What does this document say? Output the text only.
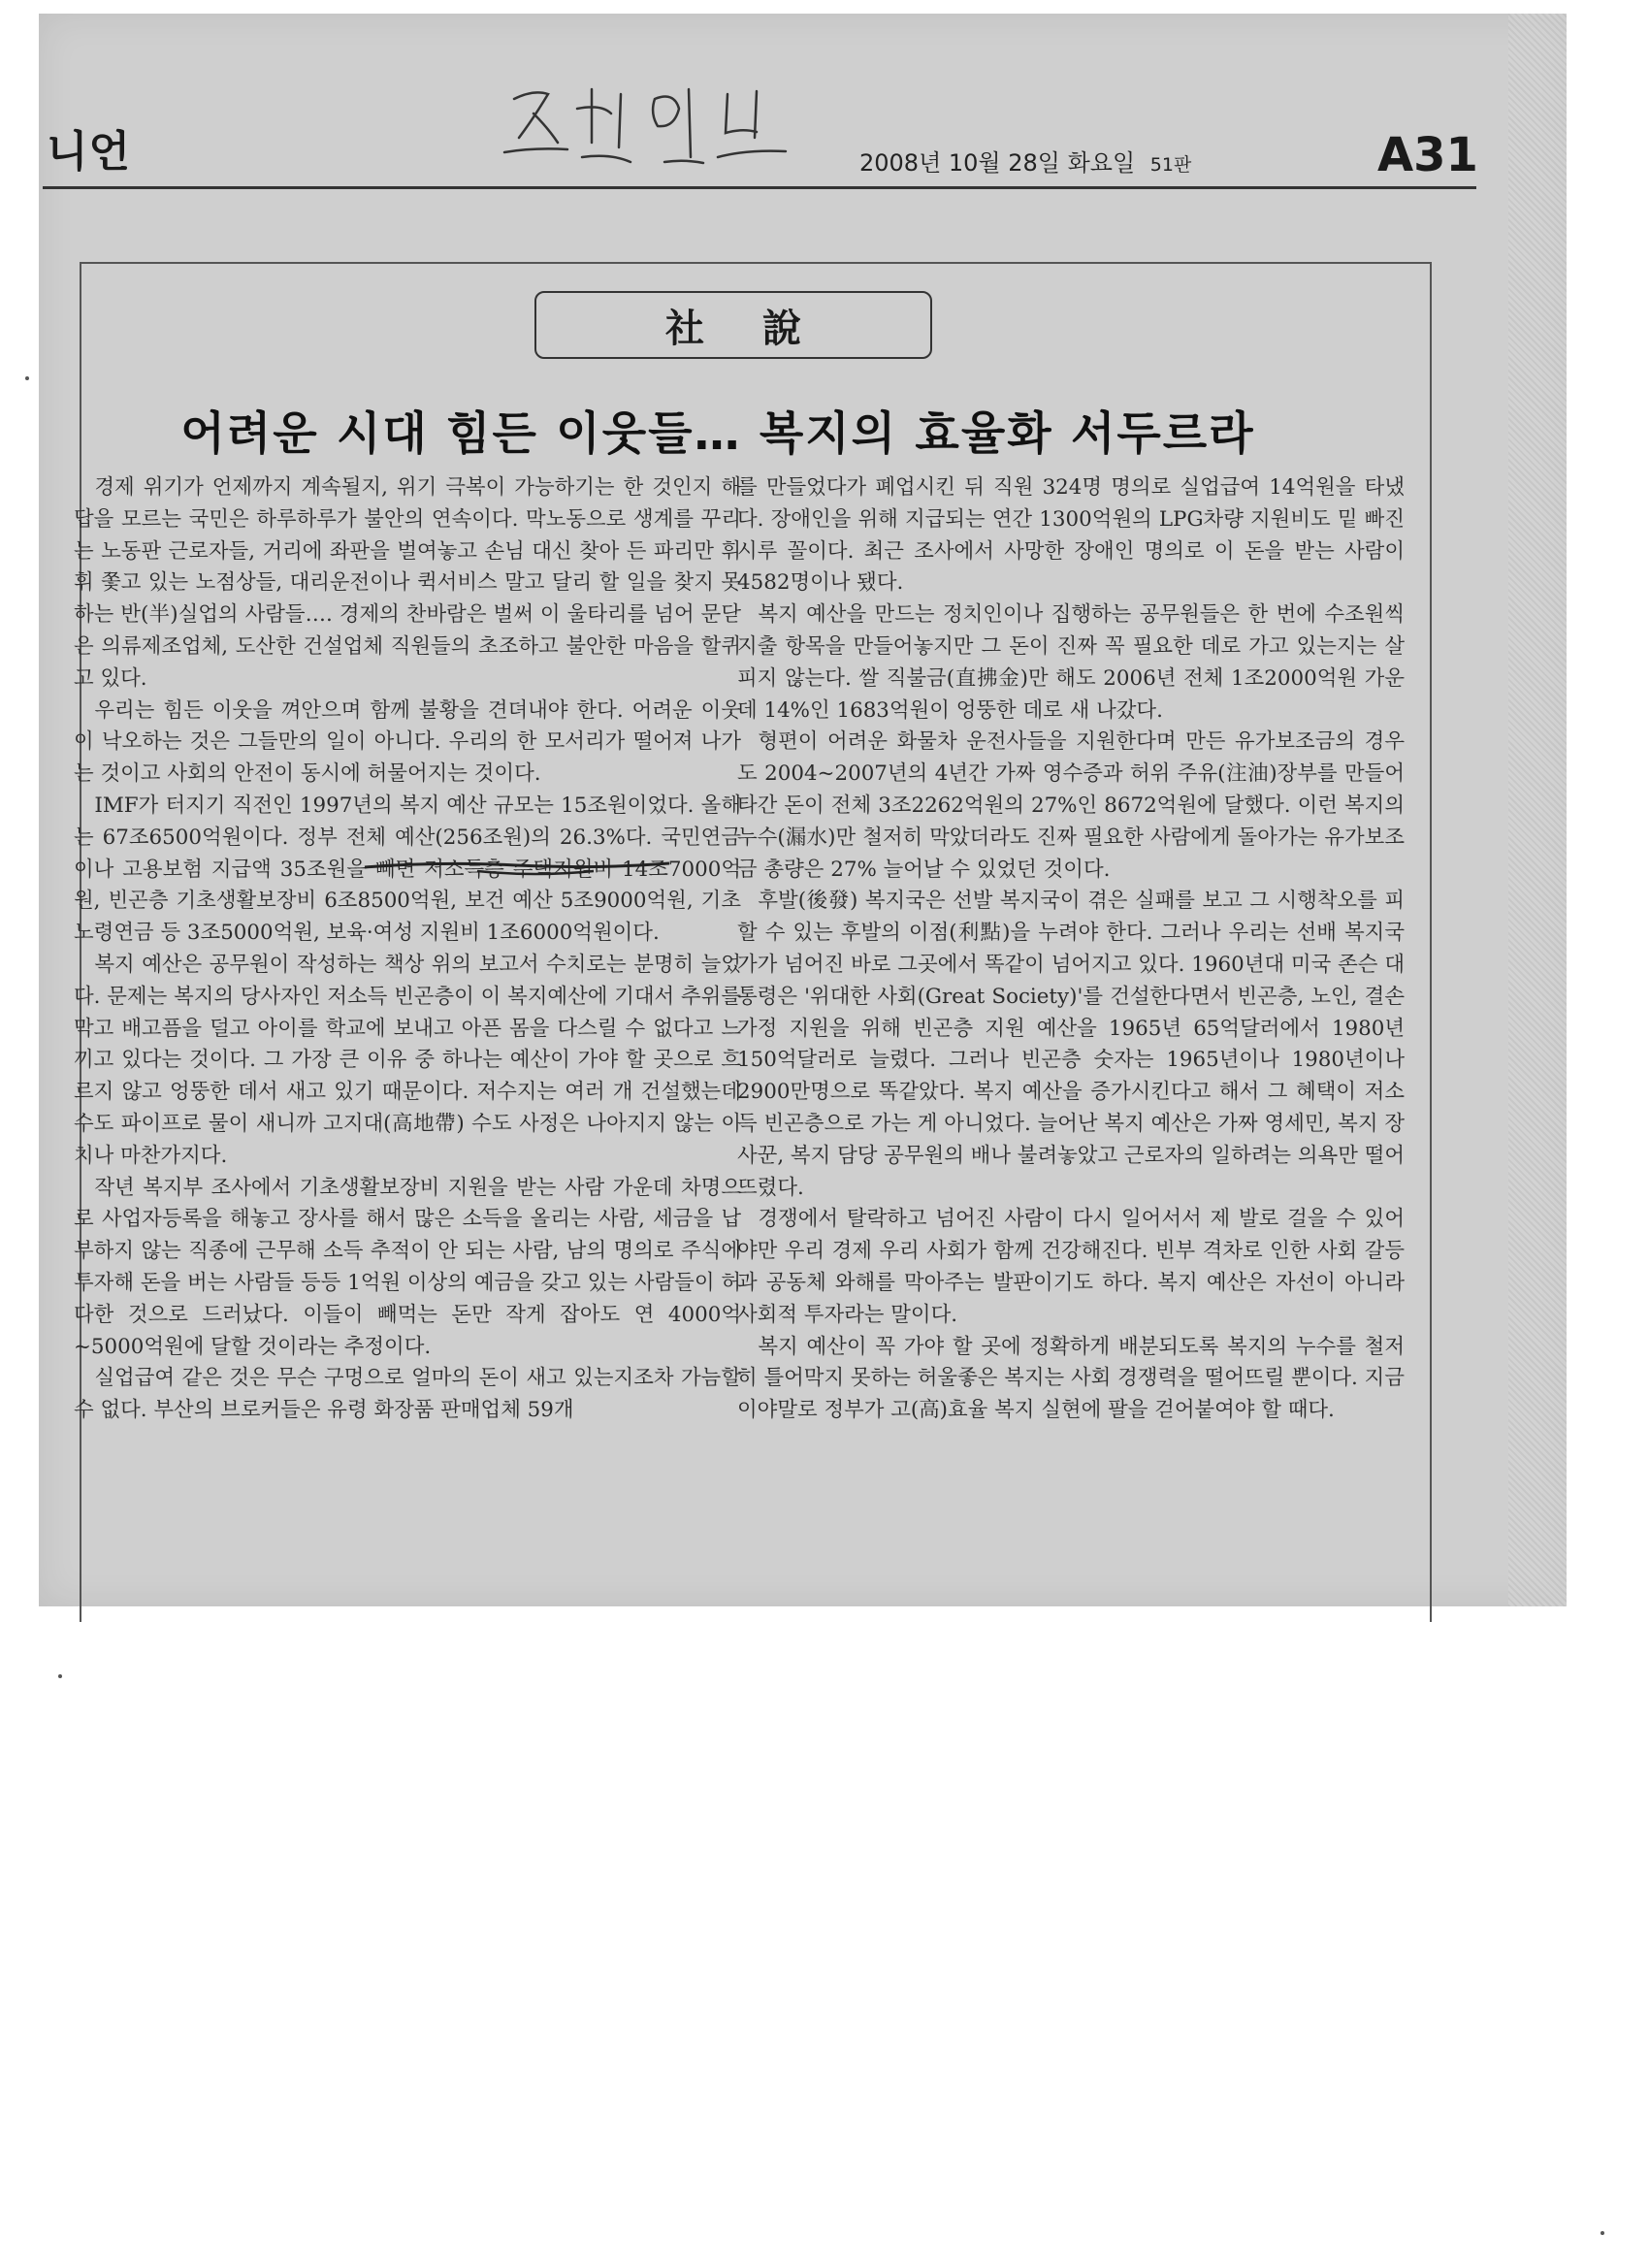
니언	2008년 10월 28일 화요일 51판	A31
社說
어려운 시대 힘든 이웃들… 복지의 효율화 서두르라

경제 위기가 언제까지 계속될지, 위기 극복이 가능하기는 한 것인지 해답을 모르는 국민은 하루하루가 불안의 연속이다. 막노동으로 생계를 꾸리는 노동판 근로자들, 거리에 좌판을 벌여놓고 손님 대신 찾아 든 파리만 휘휘 쫓고 있는 노점상들, 대리운전이나 퀵서비스 말고 달리 할 일을 찾지 못하는 반(半)실업의 사람들…. 경제의 찬바람은 벌써 이 울타리를 넘어 문닫은 의류제조업체, 도산한 건설업체 직원들의 초조하고 불안한 마음을 할퀴고 있다.

우리는 힘든 이웃을 껴안으며 함께 불황을 견뎌내야 한다. 어려운 이웃이 낙오하는 것은 그들만의 일이 아니다. 우리의 한 모서리가 떨어져 나가는 것이고 사회의 안전이 동시에 허물어지는 것이다.

IMF가 터지기 직전인 1997년의 복지 예산 규모는 15조원이었다. 올해는 67조6500억원이다. 정부 전체 예산(256조원)의 26.3%다. 국민연금이나 고용보험 지급액 35조원을 빼면 저소득층 주택지원비 14조7000억원, 빈곤층 기초생활보장비 6조8500억원, 보건 예산 5조9000억원, 기초노령연금 등 3조5000억원, 보육·여성 지원비 1조6000억원이다.

복지 예산은 공무원이 작성하는 책상 위의 보고서 수치로는 분명히 늘었다. 문제는 복지의 당사자인 저소득 빈곤층이 이 복지예산에 기대서 추위를 막고 배고픔을 덜고 아이를 학교에 보내고 아픈 몸을 다스릴 수 없다고 느끼고 있다는 것이다. 그 가장 큰 이유 중 하나는 예산이 가야 할 곳으로 흐르지 않고 엉뚱한 데서 새고 있기 때문이다. 저수지는 여러 개 건설했는데 수도 파이프로 물이 새니까 고지대(高地帶) 수도 사정은 나아지지 않는 이치나 마찬가지다.

작년 복지부 조사에서 기초생활보장비 지원을 받는 사람 가운데 차명으로 사업자등록을 해놓고 장사를 해서 많은 소득을 올리는 사람, 세금을 납부하지 않는 직종에 근무해 소득 추적이 안 되는 사람, 남의 명의로 주식에 투자해 돈을 버는 사람들 등등 1억원 이상의 예금을 갖고 있는 사람들이 허다한 것으로 드러났다. 이들이 빼먹는 돈만 작게 잡아도 연 4000억~5000억원에 달할 것이라는 추정이다.

실업급여 같은 것은 무슨 구멍으로 얼마의 돈이 새고 있는지조차 가늠할 수 없다. 부산의 브로커들은 유령 화장품 판매업체 59개

를 만들었다가 폐업시킨 뒤 직원 324명 명의로 실업급여 14억원을 타냈다. 장애인을 위해 지급되는 연간 1300억원의 LPG차량 지원비도 밑 빠진 시루 꼴이다. 최근 조사에서 사망한 장애인 명의로 이 돈을 받는 사람이 4582명이나 됐다.

복지 예산을 만드는 정치인이나 집행하는 공무원들은 한 번에 수조원씩 지출 항목을 만들어놓지만 그 돈이 진짜 꼭 필요한 데로 가고 있는지는 살피지 않는다. 쌀 직불금(直拂金)만 해도 2006년 전체 1조2000억원 가운데 14%인 1683억원이 엉뚱한 데로 새 나갔다.

형편이 어려운 화물차 운전사들을 지원한다며 만든 유가보조금의 경우도 2004~2007년의 4년간 가짜 영수증과 허위 주유(注油)장부를 만들어 타간 돈이 전체 3조2262억원의 27%인 8672억원에 달했다. 이런 복지의 누수(漏水)만 철저히 막았더라도 진짜 필요한 사람에게 돌아가는 유가보조금 총량은 27% 늘어날 수 있었던 것이다.

후발(後發) 복지국은 선발 복지국이 겪은 실패를 보고 그 시행착오를 피할 수 있는 후발의 이점(利點)을 누려야 한다. 그러나 우리는 선배 복지국가가 넘어진 바로 그곳에서 똑같이 넘어지고 있다. 1960년대 미국 존슨 대통령은 '위대한 사회(Great Society)'를 건설한다면서 빈곤층, 노인, 결손 가정 지원을 위해 빈곤층 지원 예산을 1965년 65억달러에서 1980년 150억달러로 늘렸다. 그러나 빈곤층 숫자는 1965년이나 1980년이나 2900만명으로 똑같았다. 복지 예산을 증가시킨다고 해서 그 혜택이 저소득 빈곤층으로 가는 게 아니었다. 늘어난 복지 예산은 가짜 영세민, 복지 장사꾼, 복지 담당 공무원의 배나 불려놓았고 근로자의 일하려는 의욕만 떨어뜨렸다.

경쟁에서 탈락하고 넘어진 사람이 다시 일어서서 제 발로 걸을 수 있어야만 우리 경제 우리 사회가 함께 건강해진다. 빈부 격차로 인한 사회 갈등과 공동체 와해를 막아주는 발판이기도 하다. 복지 예산은 자선이 아니라 사회적 투자라는 말이다.

복지 예산이 꼭 가야 할 곳에 정확하게 배분되도록 복지의 누수를 철저히 틀어막지 못하는 허울좋은 복지는 사회 경쟁력을 떨어뜨릴 뿐이다. 지금이야말로 정부가 고(高)효율 복지 실현에 팔을 걷어붙여야 할 때다.
